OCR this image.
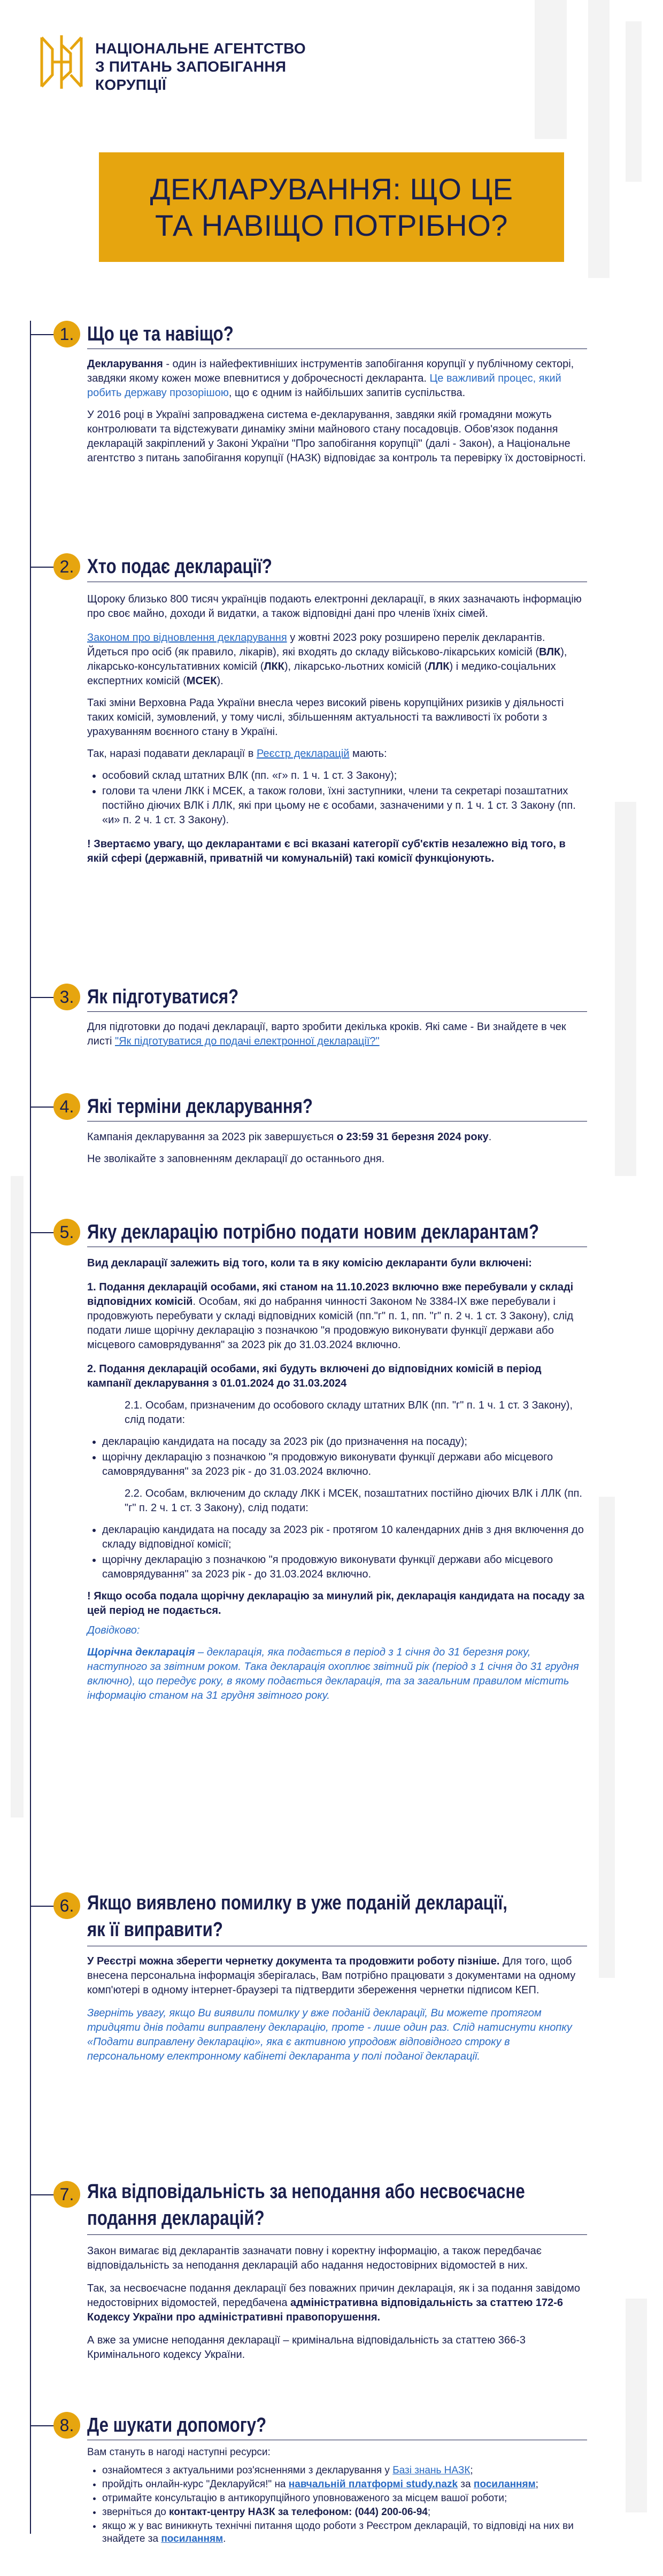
НАЦІОНАЛЬНЕ АГЕНТСТВО
З ПИТАНЬ ЗАПОБІГАННЯ
КОРУПЦІЇ
ДЕКЛАРУВАННЯ: ЩО ЦЕ
ТА НАВІЩО ПОТРІБНО?
1. Що це та навіщо?

Декларування - один із найефективніших інструментів запобігання корупції у публічному секторі, завдяки якому кожен може впевнитися у доброчесності декларанта. Це важливий процес, який робить державу прозорішою, що є одним із найбільших запитів суспільства.

У 2016 році в Україні запроваджена система е-декларування, завдяки якій громадяни можуть контролювати та відстежувати динаміку зміни майнового стану посадовців. Обов'язок подання декларацій закріплений у Законі України "Про запобігання корупції" (далі - Закон), а Національне агентство з питань запобігання корупції (НАЗК) відповідає за контроль та перевірку їх достовірності.

2. Хто подає декларації?

Щороку близько 800 тисяч українців подають електронні декларації, в яких зазначають інформацію про своє майно, доходи й видатки, а також відповідні дані про членів їхніх сімей.

Законом про відновлення декларування у жовтні 2023 року розширено перелік декларантів. Йдеться про осіб (як правило, лікарів), які входять до складу військово-лікарських комісій (ВЛК), лікарсько-консультативних комісій (ЛКК), лікарсько-льотних комісій (ЛЛК) і медико-соціальних експертних комісій (МСЕК).

Такі зміни Верховна Рада України внесла через високий рівень корупційних ризиків у діяльності таких комісій, зумовлений, у тому числі, збільшенням актуальності та важливості їх роботи з урахуванням воєнного стану в Україні.

Так, наразі подавати декларації в Реєстр декларацій мають:

• особовий склад штатних ВЛК (пп. «г» п. 1 ч. 1 ст. 3 Закону);
• голови та члени ЛКК і МСЕК, а також голови, їхні заступники, члени та секретарі позаштатних постійно діючих ВЛК і ЛЛК, які при цьому не є особами, зазначеними у п. 1 ч. 1 ст. 3 Закону (пп. «и» п. 2 ч. 1 ст. 3 Закону).

! Звертаємо увагу, що декларантами є всі вказані категорії суб'єктів незалежно від того, в якій сфері (державній, приватній чи комунальній) такі комісії функціонують.

3. Як підготуватися?

Для підготовки до подачі декларації, варто зробити декілька кроків. Які саме - Ви знайдете в чек листі "Як підготуватися до подачі електронної декларації?"

4. Які терміни декларування?

Кампанія декларування за 2023 рік завершується о 23:59 31 березня 2024 року.

Не зволікайте з заповненням декларації до останнього дня.

5. Яку декларацію потрібно подати новим декларантам?

Вид декларації залежить від того, коли та в яку комісію декларанти були включені:

1. Подання декларацій особами, які станом на 11.10.2023 включно вже перебували у складі відповідних комісій. Особам, які до набрання чинності Законом № 3384-IX вже перебували і продовжують перебувати у складі відповідних комісій (пп."г" п. 1, пп. "г" п. 2 ч. 1 ст. 3 Закону), слід подати лише щорічну декларацію з позначкою "я продовжую виконувати функції держави або місцевого самоврядування" за 2023 рік до 31.03.2024 включно.

2. Подання декларацій особами, які будуть включені до відповідних комісій в період кампанії декларування з 01.01.2024 до 31.03.2024

2.1. Особам, призначеним до особового складу штатних ВЛК (пп. "г" п. 1 ч. 1 ст. 3 Закону), слід подати:

• декларацію кандидата на посаду за 2023 рік (до призначення на посаду);
• щорічну декларацію з позначкою "я продовжую виконувати функції держави або місцевого самоврядування" за 2023 рік - до 31.03.2024 включно.

2.2. Особам, включеним до складу ЛКК і МСЕК, позаштатних постійно діючих ВЛК і ЛЛК (пп. "г" п. 2 ч. 1 ст. 3 Закону), слід подати:

• декларацію кандидата на посаду за 2023 рік - протягом 10 календарних днів з дня включення до складу відповідної комісії;
• щорічну декларацію з позначкою "я продовжую виконувати функції держави або місцевого самоврядування" за 2023 рік - до 31.03.2024 включно.

! Якщо особа подала щорічну декларацію за минулий рік, декларація кандидата на посаду за цей період не подається.

Довідково:

Щорічна декларація – декларація, яка подається в період з 1 січня до 31 березня року, наступного за звітним роком. Така декларація охоплює звітний рік (період з 1 січня до 31 грудня включно), що передує року, в якому подається декларація, та за загальним правилом містить інформацію станом на 31 грудня звітного року.

6. Якщо виявлено помилку в уже поданій декларації,
як її виправити?

У Реєстрі можна зберегти чернетку документа та продовжити роботу пізніше. Для того, щоб внесена персональна інформація зберігалась, Вам потрібно працювати з документами на одному комп'ютері в одному інтернет-браузері та підтвердити збереження чернетки підписом КЕП.

Зверніть увагу, якщо Ви виявили помилку у вже поданій декларації, Ви можете протягом тридцяти днів подати виправлену декларацію, проте - лише один раз. Слід натиснути кнопку «Подати виправлену декларацію», яка є активною упродовж відповідного строку в персональному електронному кабінеті декларанта у полі поданої декларації.

7. Яка відповідальність за неподання або несвоєчасне
подання декларацій?

Закон вимагає від декларантів зазначати повну і коректну інформацію, а також передбачає відповідальність за неподання декларацій або надання недостовірних відомостей в них.

Так, за несвоєчасне подання декларації без поважних причин декларація, як і за подання завідомо недостовірних відомостей, передбачена адміністративна відповідальність за статтею 172-6 Кодексу України про адміністративні правопорушення.

А вже за умисне неподання декларації – кримінальна відповідальність за статтею 366-3 Кримінального кодексу України.

8. Де шукати допомогу?

Вам стануть в нагоді наступні ресурси:

• ознайомтеся з актуальними роз'ясненнями з декларування у Базі знань НАЗК;
• пройдіть онлайн-курс "Декларуйся!" на навчальній платформі study.nazk за посиланням;
• отримайте консультацію в антикорупційного уповноваженого за місцем вашої роботи;
• зверніться до контакт-центру НАЗК за телефоном: (044) 200-06-94;
• якщо ж у вас виникнуть технічні питання щодо роботи з Реєстром декларацій, то відповіді на них ви знайдете за посиланням.
